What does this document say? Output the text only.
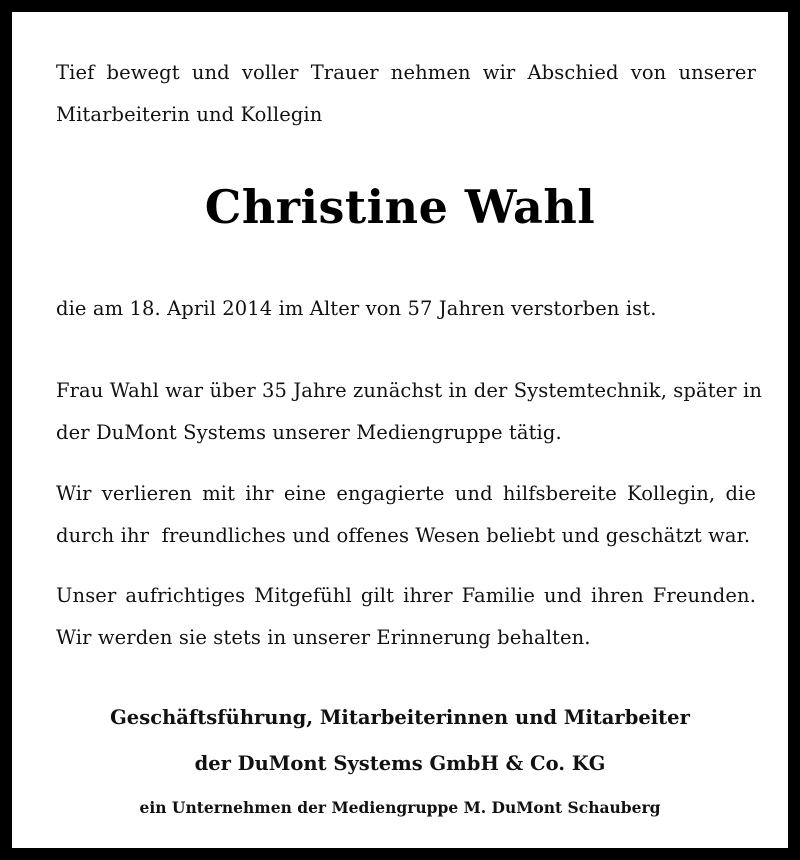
Tief bewegt und voller Trauer nehmen wir Abschied von unserer
Mitarbeiterin und Kollegin
Christine Wahl
die am 18. April 2014 im Alter von 57 Jahren verstorben ist.
Frau Wahl war über 35 Jahre zunächst in der Systemtechnik, später in
der DuMont Systems unserer Mediengruppe tätig.
Wir verlieren mit ihr eine engagierte und hilfsbereite Kollegin, die
durch ihr  freundliches und offenes Wesen beliebt und geschätzt war.
Unser aufrichtiges Mitgefühl gilt ihrer Familie und ihren Freunden.
Wir werden sie stets in unserer Erinnerung behalten.
Geschäftsführung, Mitarbeiterinnen und Mitarbeiter
der DuMont Systems GmbH & Co. KG
ein Unternehmen der Mediengruppe M. DuMont Schauberg
